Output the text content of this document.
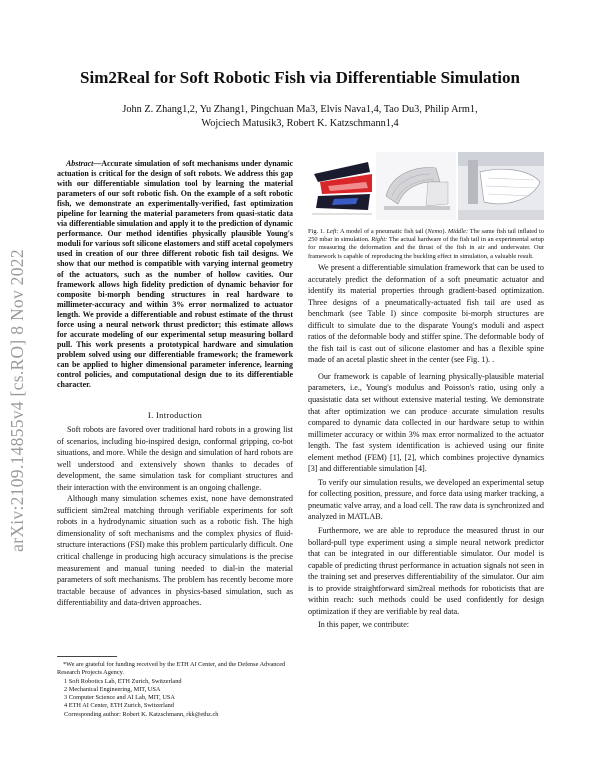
arXiv:2109.14855v4 [cs.RO] 8 Nov 2022
Sim2Real for Soft Robotic Fish via Differentiable Simulation
John Z. Zhang1,2, Yu Zhang1, Pingchuan Ma3, Elvis Nava1,4, Tao Du3, Philip Arm1,
Wojciech Matusik3, Robert K. Katzschmann1,4

Abstract—Accurate simulation of soft mechanisms under dynamic actuation is critical for the design of soft robots. We address this gap with our differentiable simulation tool by learning the material parameters of our soft robotic fish. On the example of a soft robotic fish, we demonstrate an experimentally-verified, fast optimization pipeline for learning the material parameters from quasi-static data via differentiable simulation and apply it to the prediction of dynamic performance. Our method identifies physically plausible Young's moduli for various soft silicone elastomers and stiff acetal copolymers used in creation of our three different robotic fish tail designs. We show that our method is compatible with varying internal geometry of the actuators, such as the number of hollow cavities. Our framework allows high fidelity prediction of dynamic behavior for composite bi-morph bending structures in real hardware to millimeter-accuracy and within 3% error normalized to actuator length. We provide a differentiable and robust estimate of the thrust force using a neural network thrust predictor; this estimate allows for accurate modeling of our experimental setup measuring bollard pull. This work presents a prototypical hardware and simulation problem solved using our differentiable framework; the framework can be applied to higher dimensional parameter inference, learning control policies, and computational design due to its differentiable character.

I. Introduction

Soft robots are favored over traditional hard robots in a growing list of scenarios, including bio-inspired design, conformal gripping, co-bot situations, and more. While the design and simulation of hard robots are well understood and extensively shown thanks to decades of development, the same simulation task for compliant structures and their interaction with the environment is an ongoing challenge.

Although many simulation schemes exist, none have demonstrated sufficient sim2real matching through verifiable experiments for soft robots in a hydrodynamic situation such as a robotic fish. The high dimensionality of soft mechanisms and the complex physics of fluid-structure interactions (FSI) make this problem particularly difficult. One critical challenge in producing high accuracy simulations is the precise measurement and manual tuning needed to dial-in the material parameters of soft mechanisms. The problem has recently become more tractable because of advances in physics-based simulation, such as differentiability and data-driven approaches.

*We are grateful for funding received by the ETH AI Center, and the Defense Advanced Research Projects Agency.
1 Soft Robotics Lab, ETH Zurich, Switzerland
2 Mechanical Engineering, MIT, USA
3 Computer Science and AI Lab, MIT, USA
4 ETH AI Center, ETH Zurich, Switzerland
Corresponding author: Robert K. Katzschmann, rkk@ethz.ch
Fig. 1. Left: A model of a pneumatic fish tail (Nemo). Middle: The same fish tail inflated to 250 mbar in simulation. Right: The actual hardware of the fish tail in an experimental setup for measuring the deformation and the thrust of the fish in air and underwater. Our framework is capable of reproducing the buckling effect in simulation, a valuable result.

We present a differentiable simulation framework that can be used to accurately predict the deformation of a soft pneumatic actuator and identify its material properties through gradient-based optimization. Three designs of a pneumatically-actuated fish tail are used as benchmark (see Table I) since composite bi-morph structures are difficult to simulate due to the disparate Young's moduli and aspect ratios of the deformable body and stiffer spine. The deformable body of the fish tail is cast out of silicone elastomer and has a flexible spine made of an acetal plastic sheet in the center (see Fig. 1). .

Our framework is capable of learning physically-plausible material parameters, i.e., Young's modulus and Poisson's ratio, using only a quasistatic data set without extensive material testing. We demonstrate that after optimization we can produce accurate simulation results compared to dynamic data collected in our hardware setup to within millimeter accuracy or within 3% max error normalized to the actuator length. The fast system identification is achieved using our finite element method (FEM) [1], [2], which combines projective dynamics [3] and differentiable simulation [4].

To verify our simulation results, we developed an experimental setup for collecting position, pressure, and force data using marker tracking, a pneumatic valve array, and a load cell. The raw data is synchronized and analyzed in MATLAB.

Furthermore, we are able to reproduce the measured thrust in our bollard-pull type experiment using a simple neural network predictor that can be integrated in our differentiable simulator. Our model is capable of predicting thrust performance in actuation signals not seen in the training set and preserves differentiability of the simulator. Our aim is to provide straightforward sim2real methods for roboticists that are within reach: such methods could be used confidently for design optimization if they are verifiable by real data.

In this paper, we contribute:
